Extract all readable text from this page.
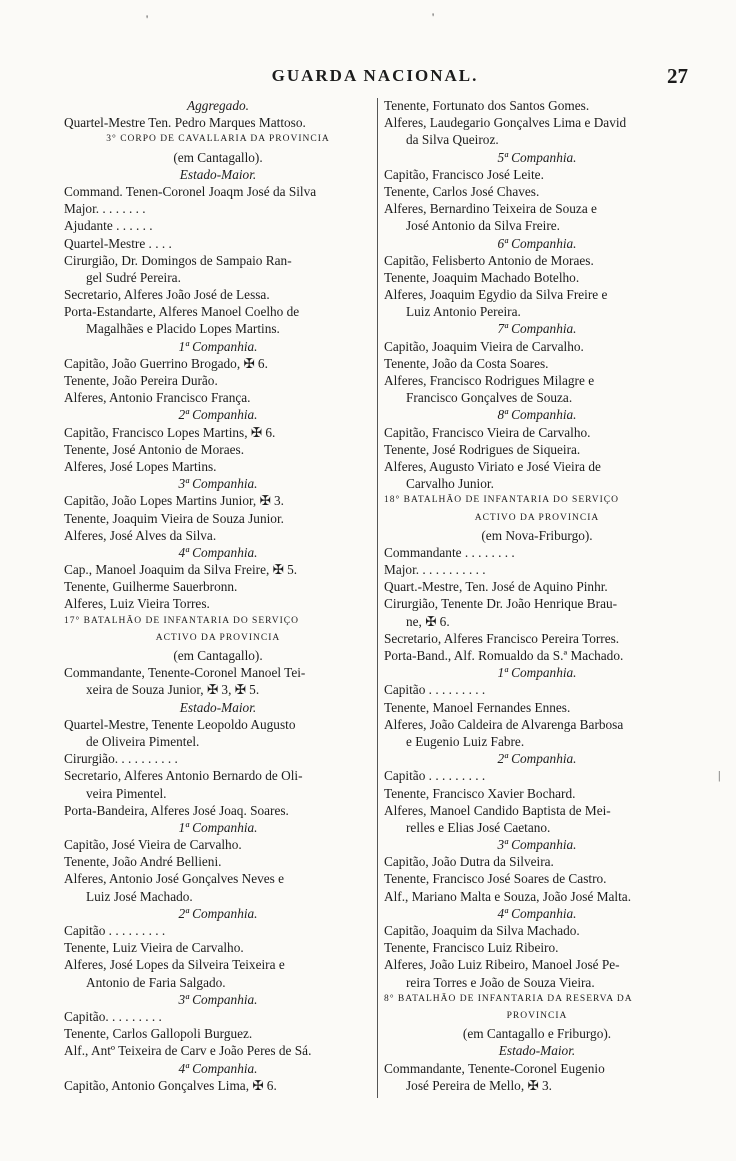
GUARDA NACIONAL.	27
Aggregado.
Quartel-Mestre Ten. Pedro Marques Mattoso.
3° CORPO DE CAVALLARIA DA PROVINCIA
(em Cantagallo).
Estado-Maior.
Command. Tenen-Coronel Joaqm José da Silva
Major. . . . . . . .
Ajudante . . . . . .
Quartel-Mestre . . . .
Cirurgião, Dr. Domingos de Sampaio Ran-
gel Sudré Pereira.
Secretario, Alferes João José de Lessa.
Porta-Estandarte, Alferes Manoel Coelho de
Magalhães e Placido Lopes Martins.
1ª Companhia.
Capitão, João Guerrino Brogado, ✠ 6.
Tenente, João Pereira Durão.
Alferes, Antonio Francisco França.
2ª Companhia.
Capitão, Francisco Lopes Martins, ✠ 6.
Tenente, José Antonio de Moraes.
Alferes, José Lopes Martins.
3ª Companhia.
Capitão, João Lopes Martins Junior, ✠ 3.
Tenente, Joaquim Vieira de Souza Junior.
Alferes, José Alves da Silva.
4ª Companhia.
Cap., Manoel Joaquim da Silva Freire, ✠ 5.
Tenente, Guilherme Sauerbronn.
Alferes, Luiz Vieira Torres.
17° BATALHÃO DE INFANTARIA DO SERVIÇO
ACTIVO DA PROVINCIA
(em Cantagallo).
Commandante, Tenente-Coronel Manoel Tei-
xeira de Souza Junior, ✠ 3, ✠ 5.
Estado-Maior.
Quartel-Mestre, Tenente Leopoldo Augusto
de Oliveira Pimentel.
Cirurgião. . . . . . . . . .
Secretario, Alferes Antonio Bernardo de Oli-
veira Pimentel.
Porta-Bandeira, Alferes José Joaq. Soares.
1ª Companhia.
Capitão, José Vieira de Carvalho.
Tenente, João André Bellieni.
Alferes, Antonio José Gonçalves Neves e
Luiz José Machado.
2ª Companhia.
Capitão . . . . . . . . .
Tenente, Luiz Vieira de Carvalho.
Alferes, José Lopes da Silveira Teixeira e
Antonio de Faria Salgado.
3ª Companhia.
Capitão. . . . . . . . .
Tenente, Carlos Gallopoli Burguez.
Alf., Antº Teixeira de Carv e João Peres de Sá.
4ª Companhia.
Capitão, Antonio Gonçalves Lima, ✠ 6.
Tenente, Fortunato dos Santos Gomes.
Alferes, Laudegario Gonçalves Lima e David
da Silva Queiroz.
5ª Companhia.
Capitão, Francisco José Leite.
Tenente, Carlos José Chaves.
Alferes, Bernardino Teixeira de Souza e
José Antonio da Silva Freire.
6ª Companhia.
Capitão, Felisberto Antonio de Moraes.
Tenente, Joaquim Machado Botelho.
Alferes, Joaquim Egydio da Silva Freire e
Luiz Antonio Pereira.
7ª Companhia.
Capitão, Joaquim Vieira de Carvalho.
Tenente, João da Costa Soares.
Alferes, Francisco Rodrigues Milagre e
Francisco Gonçalves de Souza.
8ª Companhia.
Capitão, Francisco Vieira de Carvalho.
Tenente, José Rodrigues de Siqueira.
Alferes, Augusto Viriato e José Vieira de
Carvalho Junior.
18° BATALHÃO DE INFANTARIA DO SERVIÇO
ACTIVO DA PROVINCIA
(em Nova-Friburgo).
Commandante . . . . . . . .
Major. . . . . . . . . . .
Quart.-Mestre, Ten. José de Aquino Pinhr.
Cirurgião, Tenente Dr. João Henrique Brau-
ne, ✠ 6.
Secretario, Alferes Francisco Pereira Torres.
Porta-Band., Alf. Romualdo da S.ª Machado.
1ª Companhia.
Capitão . . . . . . . . .
Tenente, Manoel Fernandes Ennes.
Alferes, João Caldeira de Alvarenga Barbosa
e Eugenio Luiz Fabre.
2ª Companhia.
Capitão . . . . . . . . .
Tenente, Francisco Xavier Bochard.
Alferes, Manoel Candido Baptista de Mei-
relles e Elias José Caetano.
3ª Companhia.
Capitão, João Dutra da Silveira.
Tenente, Francisco José Soares de Castro.
Alf., Mariano Malta e Souza, João José Malta.
4ª Companhia.
Capitão, Joaquim da Silva Machado.
Tenente, Francisco Luiz Ribeiro.
Alferes, João Luiz Ribeiro, Manoel José Pe-
reira Torres e João de Souza Vieira.
8° BATALHÃO DE INFANTARIA DA RESERVA DA
PROVINCIA
(em Cantagallo e Friburgo).
Estado-Maior.
Commandante, Tenente-Coronel Eugenio
José Pereira de Mello, ✠ 3.
'	'
|
